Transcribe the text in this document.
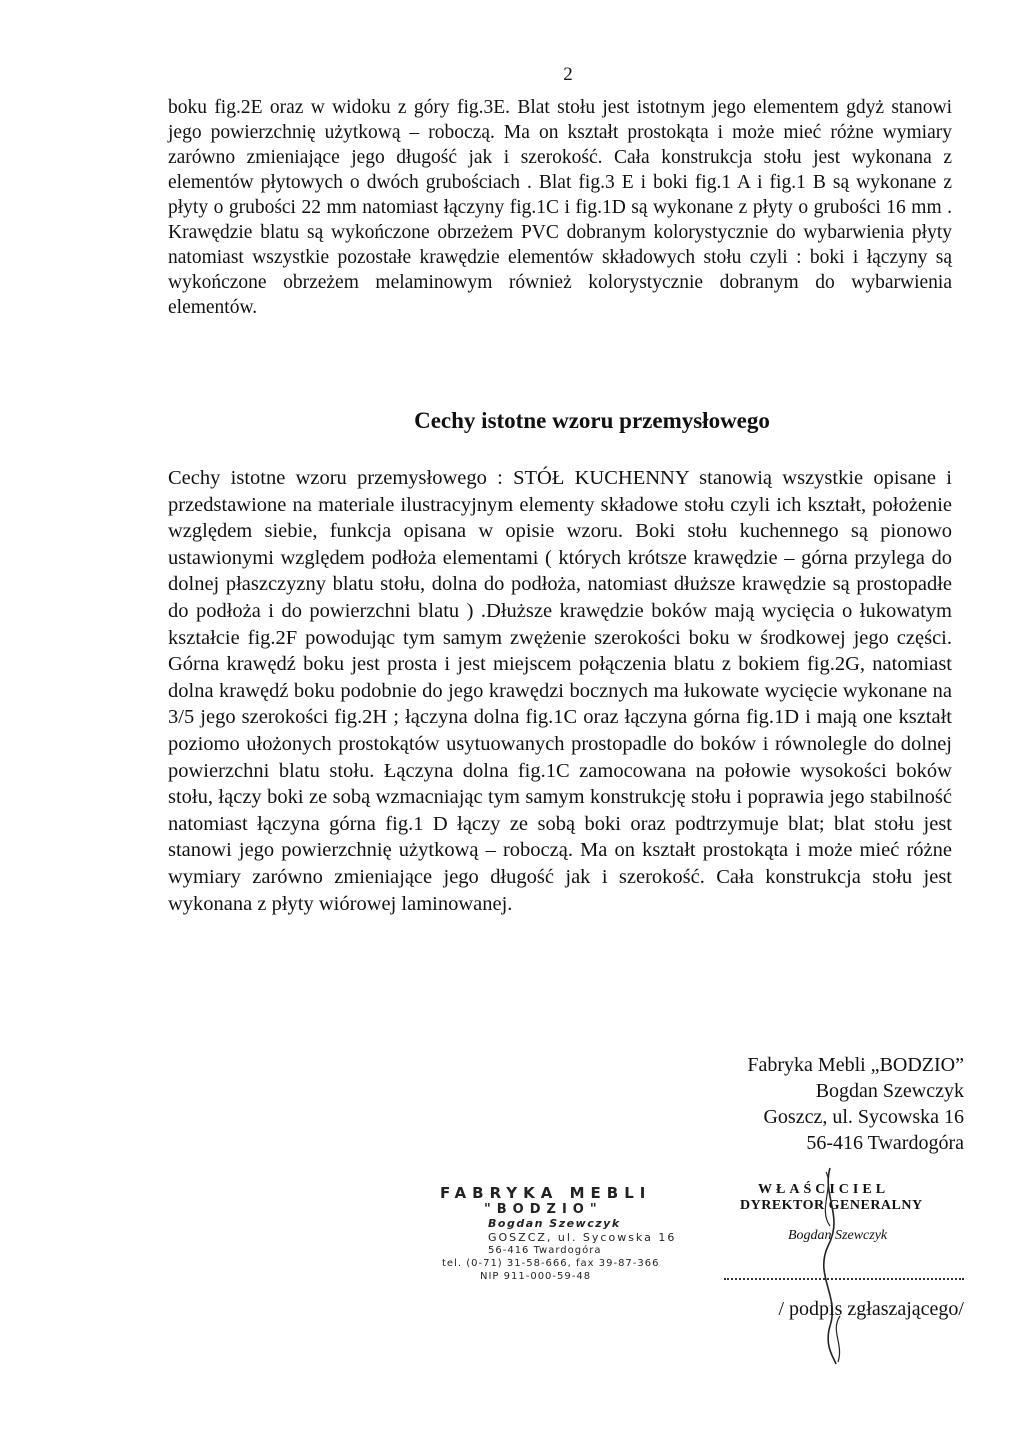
2

boku fig.2E oraz w widoku z góry fig.3E. Blat stołu jest istotnym jego elementem gdyż stanowi jego powierzchnię użytkową – roboczą. Ma on kształt prostokąta i może mieć różne wymiary zarówno zmieniające jego długość jak i szerokość. Cała konstrukcja stołu jest wykonana z elementów płytowych o dwóch grubościach . Blat fig.3 E i boki fig.1 A i fig.1 B są wykonane z płyty o grubości 22 mm natomiast łączyny fig.1C i fig.1D są wykonane z płyty o grubości 16 mm . Krawędzie blatu są wykończone obrzeżem PVC dobranym kolorystycznie do wybarwienia płyty natomiast wszystkie pozostałe krawędzie elementów składowych stołu czyli : boki i łączyny są wykończone obrzeżem melaminowym również kolorystycznie dobranym do wybarwienia elementów.

Cechy istotne wzoru przemysłowego

Cechy istotne wzoru przemysłowego : STÓŁ KUCHENNY stanowią wszystkie opisane i przedstawione na materiale ilustracyjnym elementy składowe stołu czyli ich kształt, położenie względem siebie, funkcja opisana w opisie wzoru. Boki stołu kuchennego są pionowo ustawionymi względem podłoża elementami ( których krótsze krawędzie – górna przylega do dolnej płaszczyzny blatu stołu, dolna do podłoża, natomiast dłuższe krawędzie są prostopadłe do podłoża i do powierzchni blatu ) .Dłuższe krawędzie boków mają wycięcia o łukowatym kształcie fig.2F powodując tym samym zwężenie szerokości boku w środkowej jego części. Górna krawędź boku jest prosta i jest miejscem połączenia blatu z bokiem fig.2G, natomiast dolna krawędź boku podobnie do jego krawędzi bocznych ma łukowate wycięcie wykonane na 3/5 jego szerokości fig.2H ; łączyna dolna fig.1C oraz łączyna górna fig.1D i mają one kształt poziomo ułożonych prostokątów usytuowanych prostopadle do boków i równolegle do dolnej powierzchni blatu stołu. Łączyna dolna fig.1C zamocowana na połowie wysokości boków stołu, łączy boki ze sobą wzmacniając tym samym konstrukcję stołu i poprawia jego stabilność natomiast łączyna górna fig.1 D łączy ze sobą boki oraz podtrzymuje blat; blat stołu jest stanowi jego powierzchnię użytkową – roboczą. Ma on kształt prostokąta i może mieć różne wymiary zarówno zmieniające jego długość jak i szerokość. Cała konstrukcja stołu jest wykonana z płyty wiórowej laminowanej.

Fabryka Mebli „BODZIO”
Bogdan Szewczyk
Goszcz, ul. Sycowska 16
56-416 Twardogóra
FABRYKA MEBLI
"BODZIO"
Bogdan Szewczyk
GOSZCZ, ul. Sycowska 16
56-416 Twardogóra
tel. (0-71) 31-58-666, fax 39-87-366
NIP 911-000-59-48
WŁAŚCICIEL
DYREKTOR GENERALNY
Bogdan Szewczyk
/ podpis zgłaszającego/
